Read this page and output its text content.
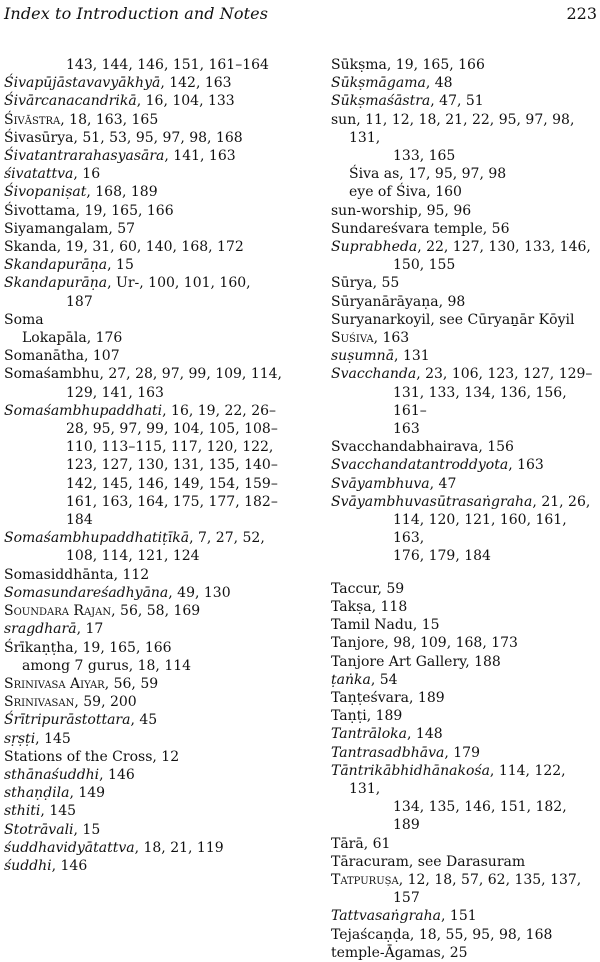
Index to Introduction and Notes	223
143, 144, 146, 151, 161–164
Śivapūjāstavavyākhyā, 142, 163
Śivārcanacandrikā, 16, 104, 133
Śivāstra, 18, 163, 165
Śivasūrya, 51, 53, 95, 97, 98, 168
Śivatantrarahasyasāra, 141, 163
śivatattva, 16
Śivopaniṣat, 168, 189
Śivottama, 19, 165, 166
Siyamangalam, 57
Skanda, 19, 31, 60, 140, 168, 172
Skandapurāṇa, 15
Skandapurāṇa, Ur-, 100, 101, 160,
187
Soma
Lokapāla, 176
Somanātha, 107
Somaśambhu, 27, 28, 97, 99, 109, 114,
129, 141, 163
Somaśambhupaddhati, 16, 19, 22, 26–
28, 95, 97, 99, 104, 105, 108–
110, 113–115, 117, 120, 122,
123, 127, 130, 131, 135, 140–
142, 145, 146, 149, 154, 159–
161, 163, 164, 175, 177, 182–
184
Somaśambhupaddhatiṭīkā, 7, 27, 52,
108, 114, 121, 124
Somasiddhānta, 112
Somasundareśadhyāna, 49, 130
Soundara Rajan, 56, 58, 169
sragdharā, 17
Śrīkaṇṭha, 19, 165, 166
among 7 gurus, 18, 114
Srinivasa Aiyar, 56, 59
Srinivasan, 59, 200
Śrītripurāstottara, 45
sṛṣṭi, 145
Stations of the Cross, 12
sthānaśuddhi, 146
sthaṇḍila, 149
sthiti, 145
Stotrāvali, 15
śuddhavidyātattva, 18, 21, 119
śuddhi, 146
Sūkṣma, 19, 165, 166
Sūkṣmāgama, 48
Sūkṣmaśāstra, 47, 51
sun, 11, 12, 18, 21, 22, 95, 97, 98, 131,
133, 165
Śiva as, 17, 95, 97, 98
eye of Śiva, 160
sun-worship, 95, 96
Sundareśvara temple, 56
Suprabheda, 22, 127, 130, 133, 146,
150, 155
Sūrya, 55
Sūryanārāyaṇa, 98
Suryanarkoyil, see Cūryaṉār Kōyil
Suśiva, 163
suṣumnā, 131
Svacchanda, 23, 106, 123, 127, 129–
131, 133, 134, 136, 156, 161–
163
Svacchandabhairava, 156
Svacchandatantroddyota, 163
Svāyambhuva, 47
Svāyambhuvasūtrasaṅgraha, 21, 26,
114, 120, 121, 160, 161, 163,
176, 179, 184
Taccur, 59
Takṣa, 118
Tamil Nadu, 15
Tanjore, 98, 109, 168, 173
Tanjore Art Gallery, 188
ṭaṅka, 54
Taṇṭeśvara, 189
Taṇṭi, 189
Tantrāloka, 148
Tantrasadbhāva, 179
Tāntrikābhidhānakośa, 114, 122, 131,
134, 135, 146, 151, 182, 189
Tārā, 61
Tāracuram, see Darasuram
Tatpuruṣa, 12, 18, 57, 62, 135, 137,
157
Tattvasaṅgraha, 151
Tejaścaṇḍa, 18, 55, 95, 98, 168
temple-Āgamas, 25
